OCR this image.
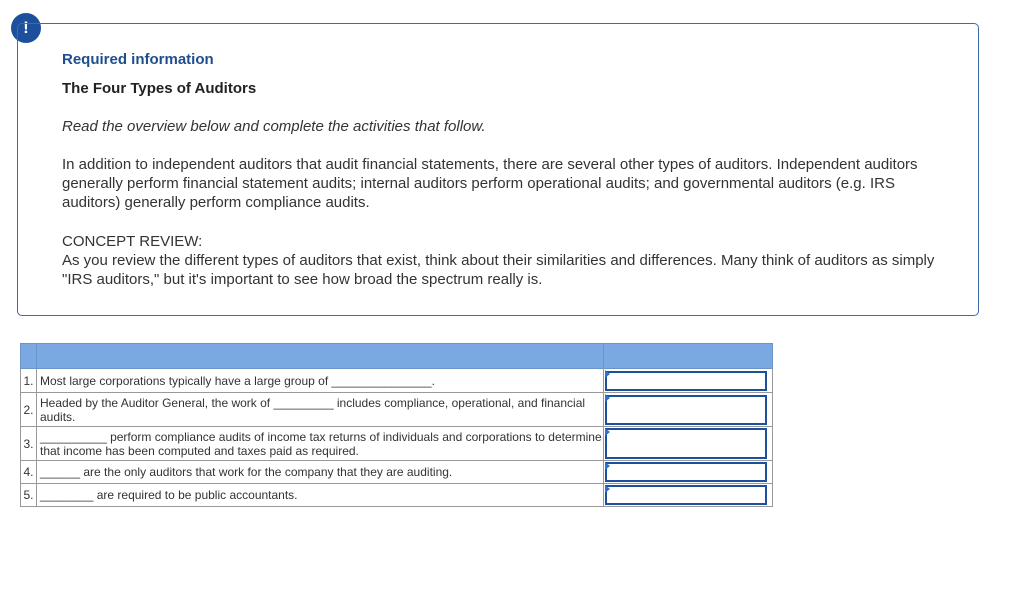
!
Required information
The Four Types of Auditors
Read the overview below and complete the activities that follow.
In addition to independent auditors that audit financial statements, there are several other types of auditors. Independent auditors generally perform financial statement audits; internal auditors perform operational audits; and governmental auditors (e.g. IRS auditors) generally perform compliance audits.
CONCEPT REVIEW:
As you review the different types of auditors that exist, think about their similarities and differences. Many think of auditors as simply "IRS auditors," but it's important to see how broad the spectrum really is.

1.	Most large corporations typically have a large group of _______________.	

2.	Headed by the Auditor General, the work of _________ includes compliance, operational, and financial audits.	

3.	__________ perform compliance audits of income tax returns of individuals and corporations to determine that income has been computed and taxes paid as required.	

4.	______ are the only auditors that work for the company that they are auditing.	

5.	________ are required to be public accountants.	
